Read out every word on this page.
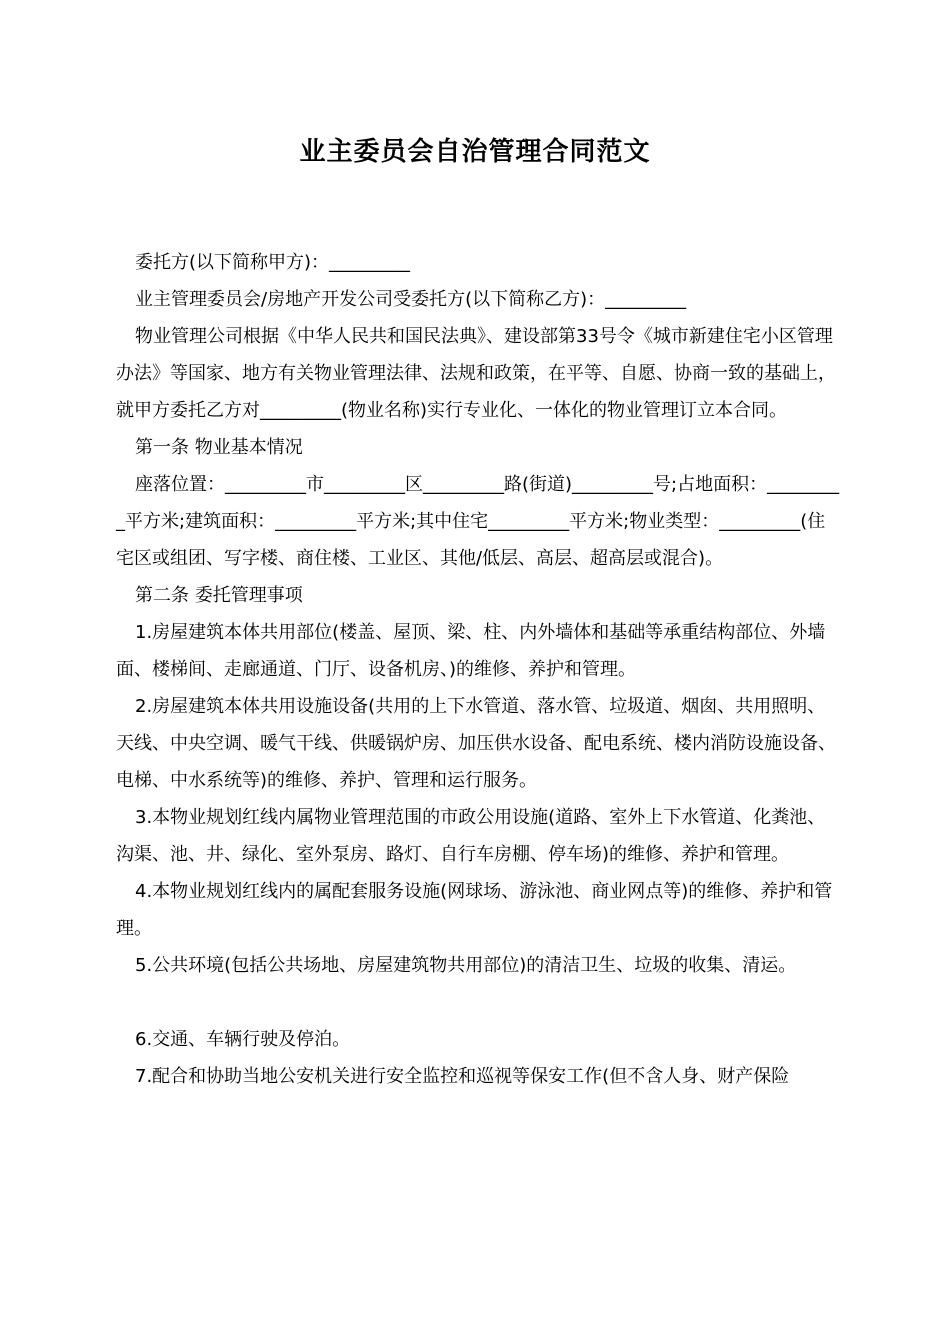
业主委员会自治管理合同范文

委托方(以下简称甲方)：_________

业主管理委员会/房地产开发公司受委托方(以下简称乙方)：_________

物业管理公司根据《中华人民共和国民法典》、建设部第33号令《城市新建住宅小区管理办法》等国家、地方有关物业管理法律、法规和政策，在平等、自愿、协商一致的基础上，就甲方委托乙方对_________(物业名称)实行专业化、一体化的物业管理订立本合同。

第一条 物业基本情况

座落位置：_________市_________区_________路(街道)_________号;占地面积：_________平方米;建筑面积：_________平方米;其中住宅_________平方米;物业类型：_________(住宅区或组团、写字楼、商住楼、工业区、其他/低层、高层、超高层或混合)。

第二条 委托管理事项

1.房屋建筑本体共用部位(楼盖、屋顶、梁、柱、内外墙体和基础等承重结构部位、外墙面、楼梯间、走廊通道、门厅、设备机房、)的维修、养护和管理。

2.房屋建筑本体共用设施设备(共用的上下水管道、落水管、垃圾道、烟囱、共用照明、天线、中央空调、暖气干线、供暖锅炉房、加压供水设备、配电系统、楼内消防设施设备、电梯、中水系统等)的维修、养护、管理和运行服务。

3.本物业规划红线内属物业管理范围的市政公用设施(道路、室外上下水管道、化粪池、沟渠、池、井、绿化、室外泵房、路灯、自行车房棚、停车场)的维修、养护和管理。

4.本物业规划红线内的属配套服务设施(网球场、游泳池、商业网点等)的维修、养护和管理。

5.公共环境(包括公共场地、房屋建筑物共用部位)的清洁卫生、垃圾的收集、清运。

6.交通、车辆行驶及停泊。

7.配合和协助当地公安机关进行安全监控和巡视等保安工作(但不含人身、财产保险
